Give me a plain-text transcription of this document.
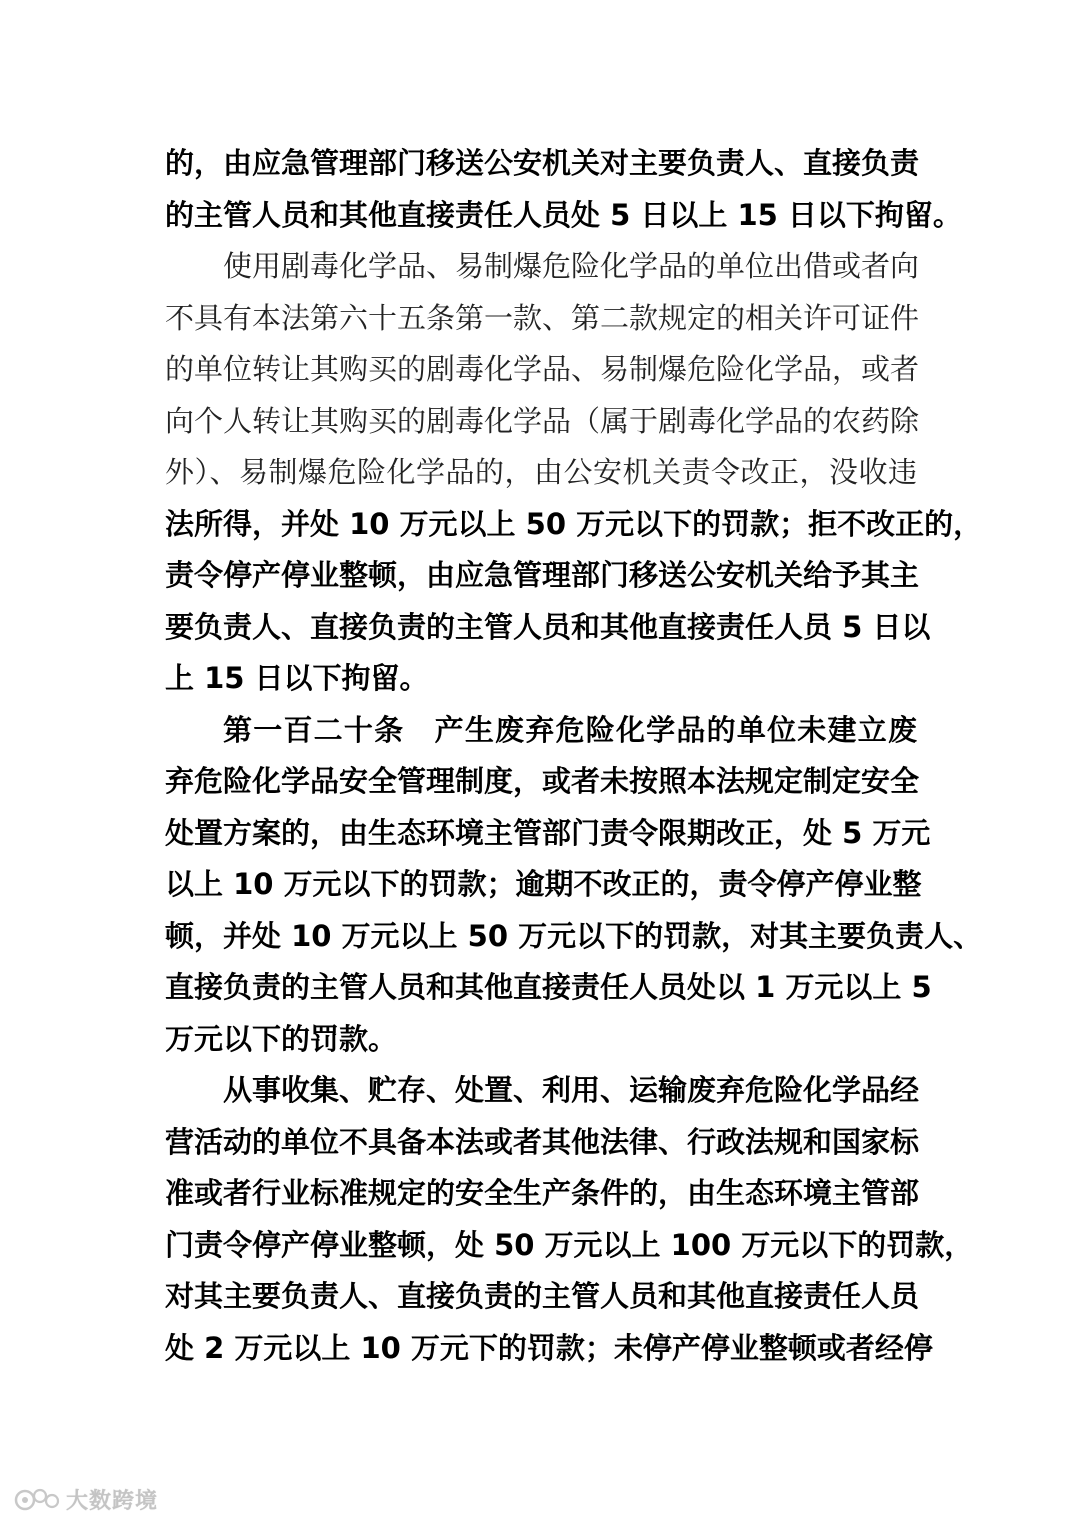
的，由应急管理部门移送公安机关对主要负责人、直接负责
的主管人员和其他直接责任人员处 5 日以上 15 日以下拘留。
使用剧毒化学品、易制爆危险化学品的单位出借或者向
不具有本法第六十五条第一款、第二款规定的相关许可证件
的单位转让其购买的剧毒化学品、易制爆危险化学品，或者
向个人转让其购买的剧毒化学品（属于剧毒化学品的农药除
外）、易制爆危险化学品的，由公安机关责令改正，没收违
法所得，并处 10 万元以上 50 万元以下的罚款；拒不改正的，
责令停产停业整顿，由应急管理部门移送公安机关给予其主
要负责人、直接负责的主管人员和其他直接责任人员 5 日以
上 15 日以下拘留。
第一百二十条　产生废弃危险化学品的单位未建立废
弃危险化学品安全管理制度，或者未按照本法规定制定安全
处置方案的，由生态环境主管部门责令限期改正，处 5 万元
以上 10 万元以下的罚款；逾期不改正的，责令停产停业整
顿，并处 10 万元以上 50 万元以下的罚款，对其主要负责人、
直接负责的主管人员和其他直接责任人员处以 1 万元以上 5
万元以下的罚款。
从事收集、贮存、处置、利用、运输废弃危险化学品经
营活动的单位不具备本法或者其他法律、行政法规和国家标
准或者行业标准规定的安全生产条件的，由生态环境主管部
门责令停产停业整顿，处 50 万元以上 100 万元以下的罚款，
对其主要负责人、直接负责的主管人员和其他直接责任人员
处 2 万元以上 10 万元下的罚款；未停产停业整顿或者经停
大数跨境
